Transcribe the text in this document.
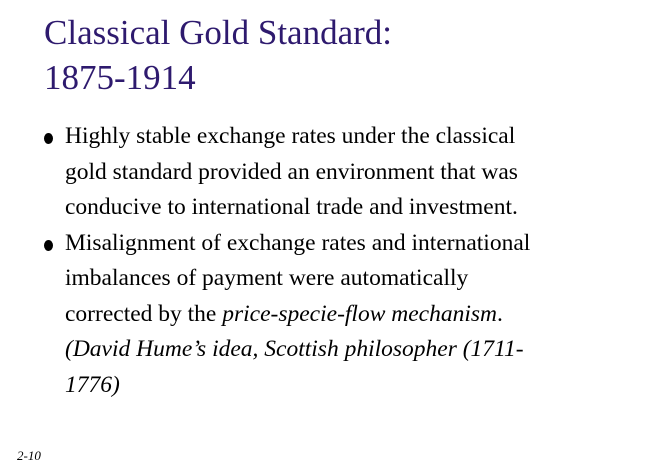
Classical Gold Standard:
1875-1914
Highly stable exchange rates under the classical
gold standard provided an environment that was
conducive to international trade and investment.
Misalignment of exchange rates and international
imbalances of payment were automatically
corrected by the price-specie-flow mechanism.
(David Hume’s idea, Scottish philosopher (1711-
1776)
2-10
